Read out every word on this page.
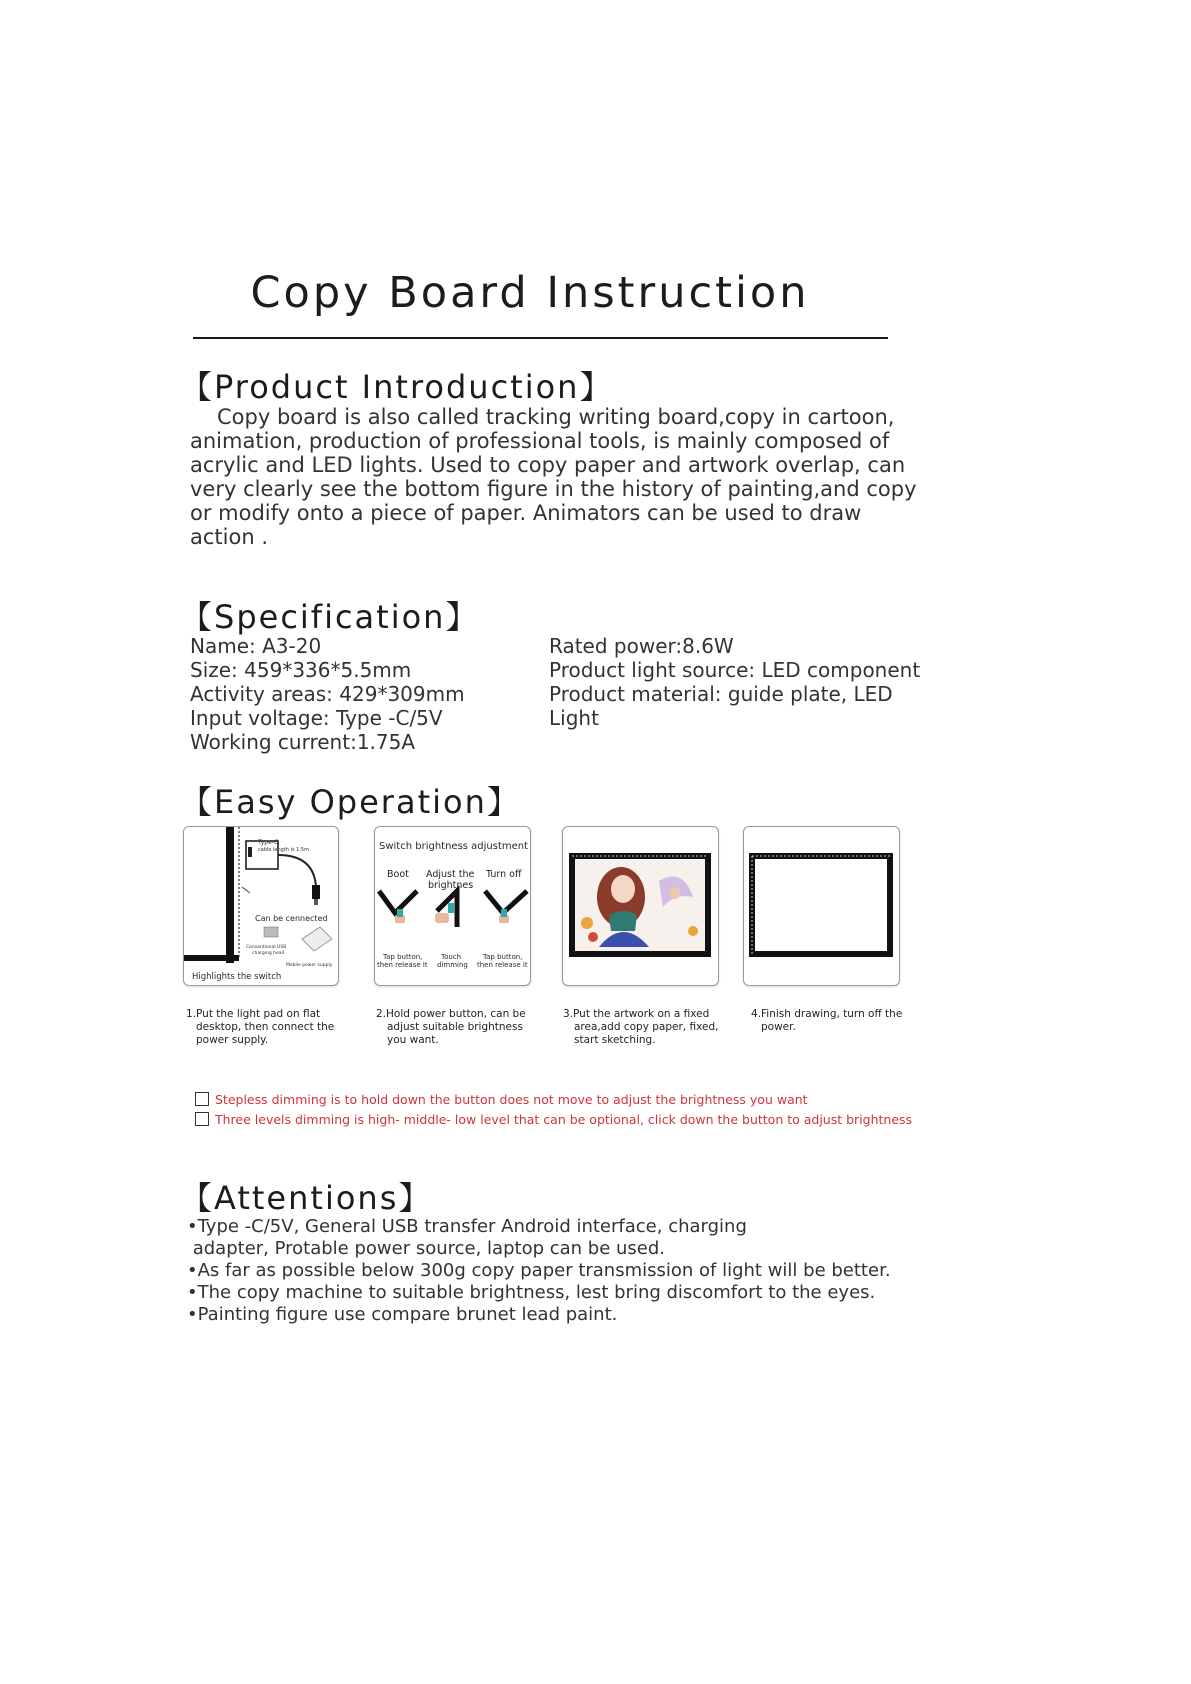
Copy Board Instruction
【Product Introduction】
Copy board is also called tracking writing board,copy in cartoon,
animation, production of professional tools, is mainly composed of
acrylic and LED lights. Used to copy paper and artwork overlap, can
very clearly see the bottom figure in the history of painting,and copy
or modify onto a piece of paper. Animators can be used to draw
action .
【Specification】
Name: A3-20
Size: 459*336*5.5mm
Activity areas: 429*309mm
Input voltage: Type -C/5V
Working current:1.75A
Rated power:8.6W
Product light source: LED component
Product material: guide plate, LED
Light
【Easy Operation】
Type-C
cable length is 1.5m
Can be cennected
Conventional USB
charging head
Mobile power supply
Highlights the switch
Switch brightness adjustment
Boot Adjust the
brightnes
Turn off
Tap button,
then release it
Touch
dimming
Tap button,
then release it
1.Put the light pad on flat
desktop, then connect the
power supply.
2.Hold power button, can be
adjust suitable brightness
you want.
3.Put the artwork on a fixed
area,add copy paper, fixed,
start sketching.
4.Finish drawing, turn off the
power.
Stepless dimming is to hold down the button does not move to adjust the brightness you want
Three levels dimming is high- middle- low level that can be optional, click down the button to adjust brightness
【Attentions】
•Type -C/5V, General USB transfer Android interface, charging
adapter, Protable power source, laptop can be used.
•As far as possible below 300g copy paper transmission of light will be better.
•The copy machine to suitable brightness, lest bring discomfort to the eyes.
•Painting figure use compare brunet lead paint.
